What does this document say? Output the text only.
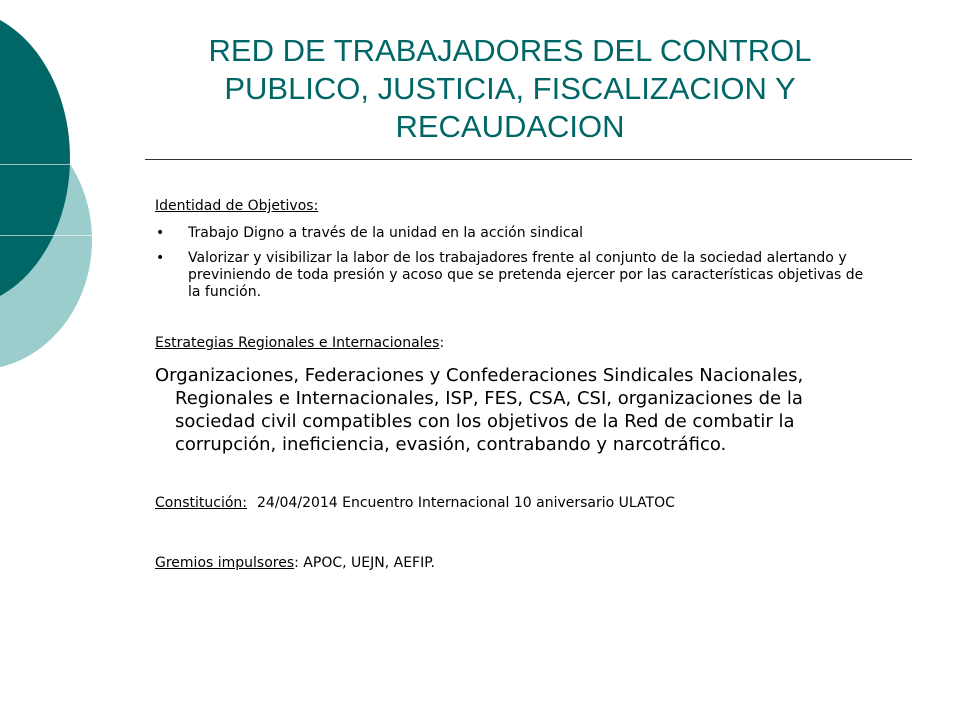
RED DE TRABAJADORES DEL CONTROL PUBLICO, JUSTICIA, FISCALIZACION Y RECAUDACION
Identidad de Objetivos:
• Trabajo Digno a través de la unidad en la acción sindical
• Valorizar y visibilizar la labor de los trabajadores frente al conjunto de la sociedad alertando y previniendo de toda presión y acoso que se pretenda ejercer por las características objetivas de la función.
Estrategias Regionales e Internacionales:

Organizaciones, Federaciones y Confederaciones Sindicales Nacionales, Regionales e Internacionales, ISP, FES, CSA, CSI, organizaciones de la sociedad civil compatibles con los objetivos de la Red de combatir la corrupción, ineficiencia, evasión, contrabando y narcotráfico.

Constitución: 24/04/2014 Encuentro Internacional 10 aniversario ULATOC
Gremios impulsores: APOC, UEJN, AEFIP.
